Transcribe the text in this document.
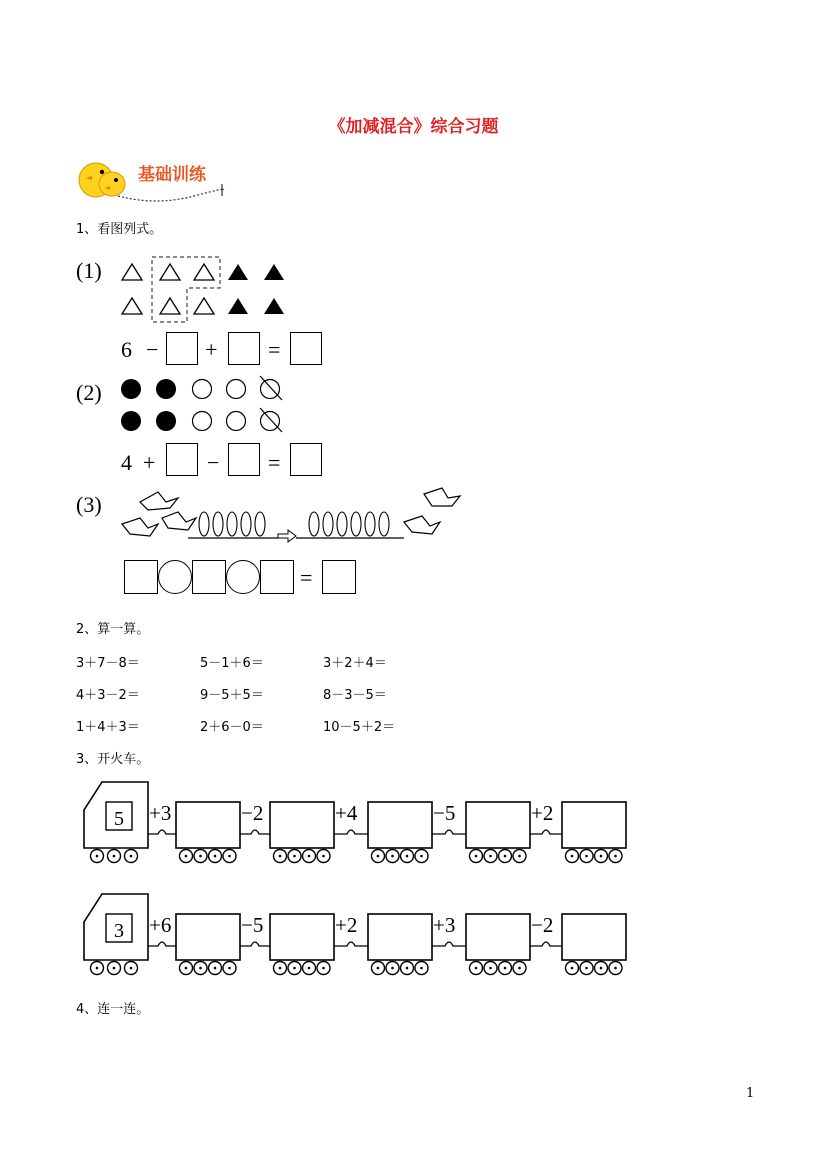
《加减混合》综合习题
基础训练
1、看图列式。
(1)
6 − + =
(2)
4 + − =
(3)
=
2、算一算。
3＋7－8＝	5－1＋6＝	3＋2＋4＝
4＋3－2＝	9－5＋5＝	8－3－5＝
1＋4＋3＝	2＋6－0＝	10－5＋2＝
3、开火车。
5 +3	−2	+4	−5	+2
3 +6	−5	+2	+3	−2
4、连一连。
1
